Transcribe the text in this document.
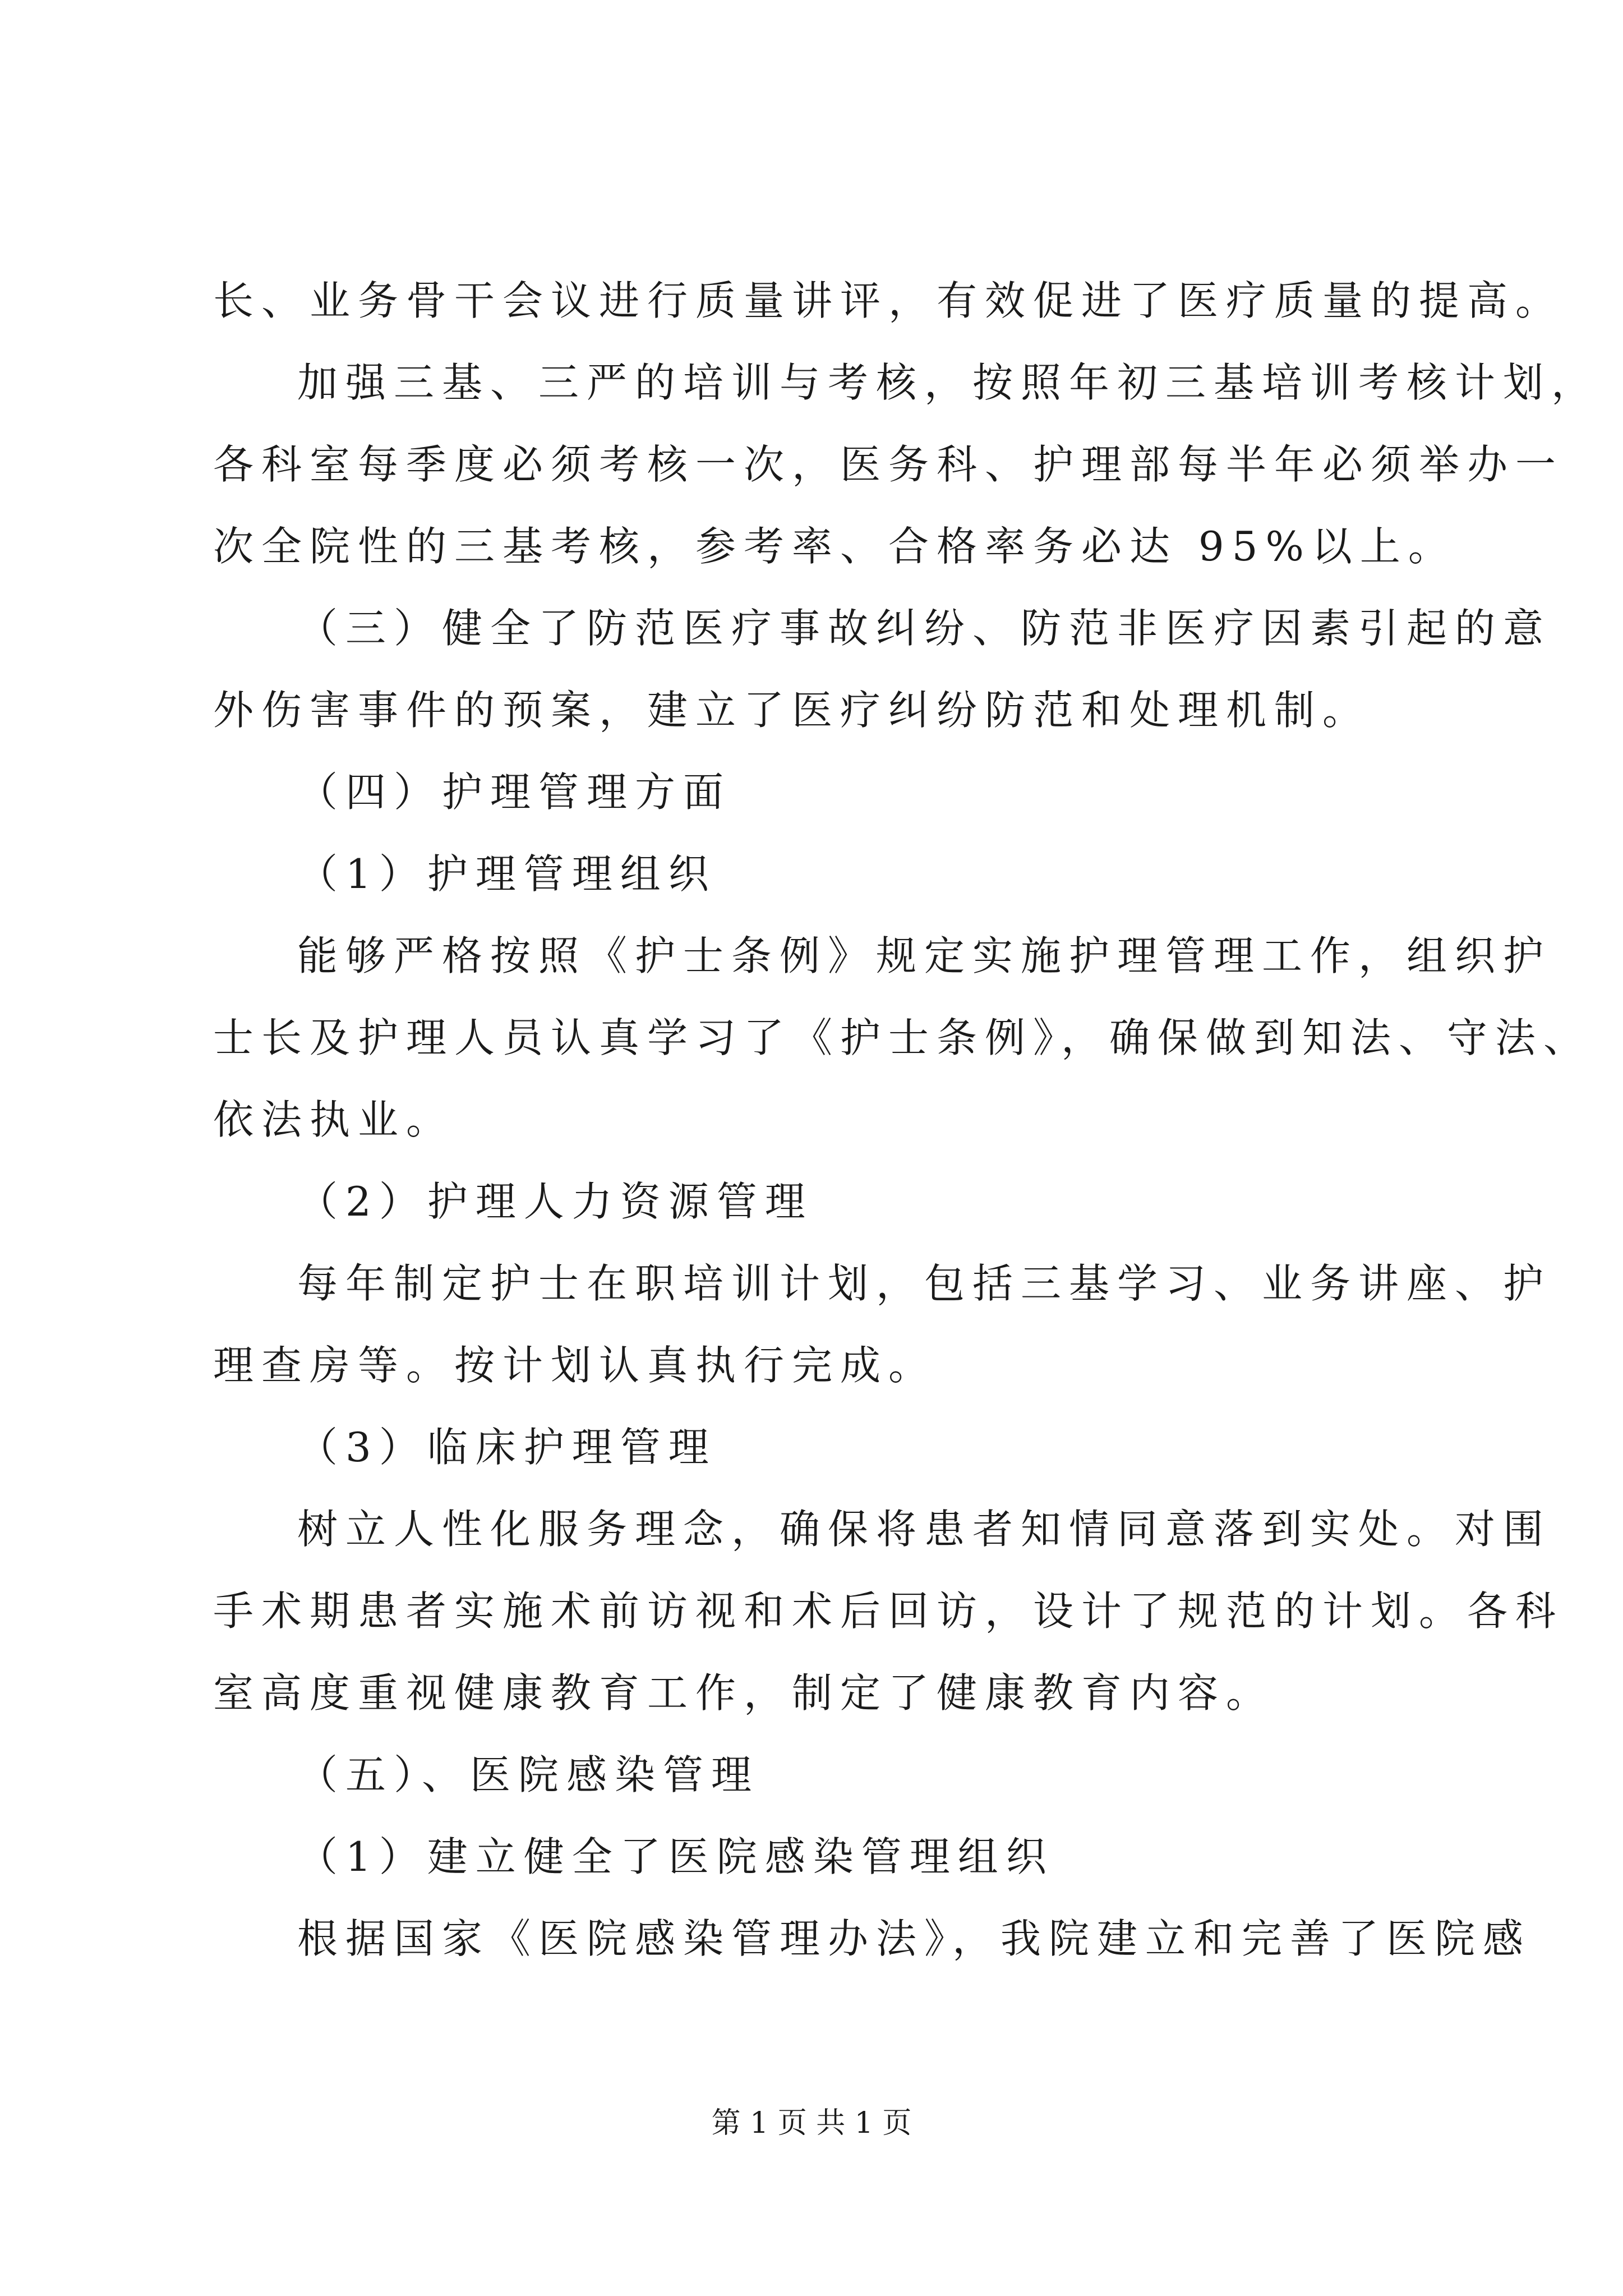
长、业务骨干会议进行质量讲评，有效促进了医疗质量的提高。
加强三基、三严的培训与考核，按照年初三基培训考核计划，
各科室每季度必须考核一次，医务科、护理部每半年必须举办一
次全院性的三基考核，参考率、合格率务必达 95%以上。
（三）健全了防范医疗事故纠纷、防范非医疗因素引起的意
外伤害事件的预案，建立了医疗纠纷防范和处理机制。
（四）护理管理方面
（1）护理管理组织
能够严格按照《护士条例》规定实施护理管理工作，组织护
士长及护理人员认真学习了《护士条例》，确保做到知法、守法、
依法执业。
（2）护理人力资源管理
每年制定护士在职培训计划，包括三基学习、业务讲座、护
理查房等。按计划认真执行完成。
（3）临床护理管理
树立人性化服务理念，确保将患者知情同意落到实处。对围
手术期患者实施术前访视和术后回访，设计了规范的计划。各科
室高度重视健康教育工作，制定了健康教育内容。
（五）、医院感染管理
（1）建立健全了医院感染管理组织
根据国家《医院感染管理办法》，我院建立和完善了医院感
第 1 页 共 1 页
